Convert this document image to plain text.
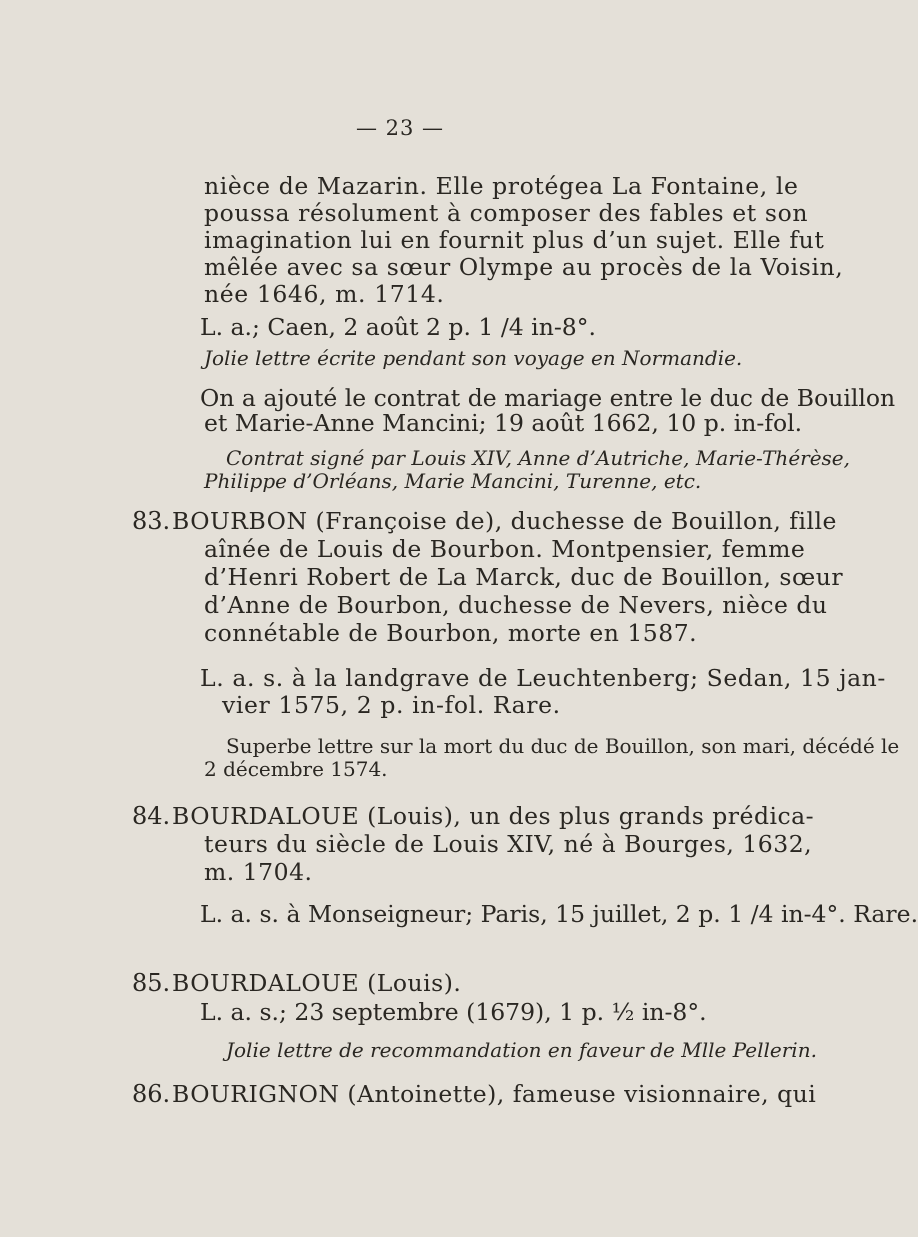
— 23 —
nièce de Mazarin. Elle protégea La Fontaine, le
poussa résolument à composer des fables et son
imagination lui en fournit plus d’un sujet. Elle fut
mêlée avec sa sœur Olympe au procès de la Voisin,
née 1646, m. 1714.
L. a.; Caen, 2 août 2 p. 1 /4 in-8°.
Jolie lettre écrite pendant son voyage en Normandie.
On a ajouté le contrat de mariage entre le duc de Bouillon
et Marie-Anne Mancini; 19 août 1662, 10 p. in-fol.
Contrat signé par Louis XIV, Anne d’Autriche, Marie-Thérèse,
Philippe d’Orléans, Marie Mancini, Turenne, etc.
83. BOURBON (Françoise de), duchesse de Bouillon, fille
aînée de Louis de Bourbon. Montpensier, femme
d’Henri Robert de La Marck, duc de Bouillon, sœur
d’Anne de Bourbon, duchesse de Nevers, nièce du
connétable de Bourbon, morte en 1587.
L. a. s. à la landgrave de Leuchtenberg; Sedan, 15 jan-
vier 1575, 2 p. in-fol. Rare.
Superbe lettre sur la mort du duc de Bouillon, son mari, décédé le
2 décembre 1574.
84. BOURDALOUE (Louis), un des plus grands prédica-
teurs du siècle de Louis XIV, né à Bourges, 1632,
m. 1704.
L. a. s. à Monseigneur; Paris, 15 juillet, 2 p. 1 /4 in-4°. Rare.
85. BOURDALOUE (Louis).
L. a. s.; 23 septembre (1679), 1 p. ½ in-8°.
Jolie lettre de recommandation en faveur de Mlle Pellerin.
86. BOURIGNON (Antoinette), fameuse visionnaire, qui
